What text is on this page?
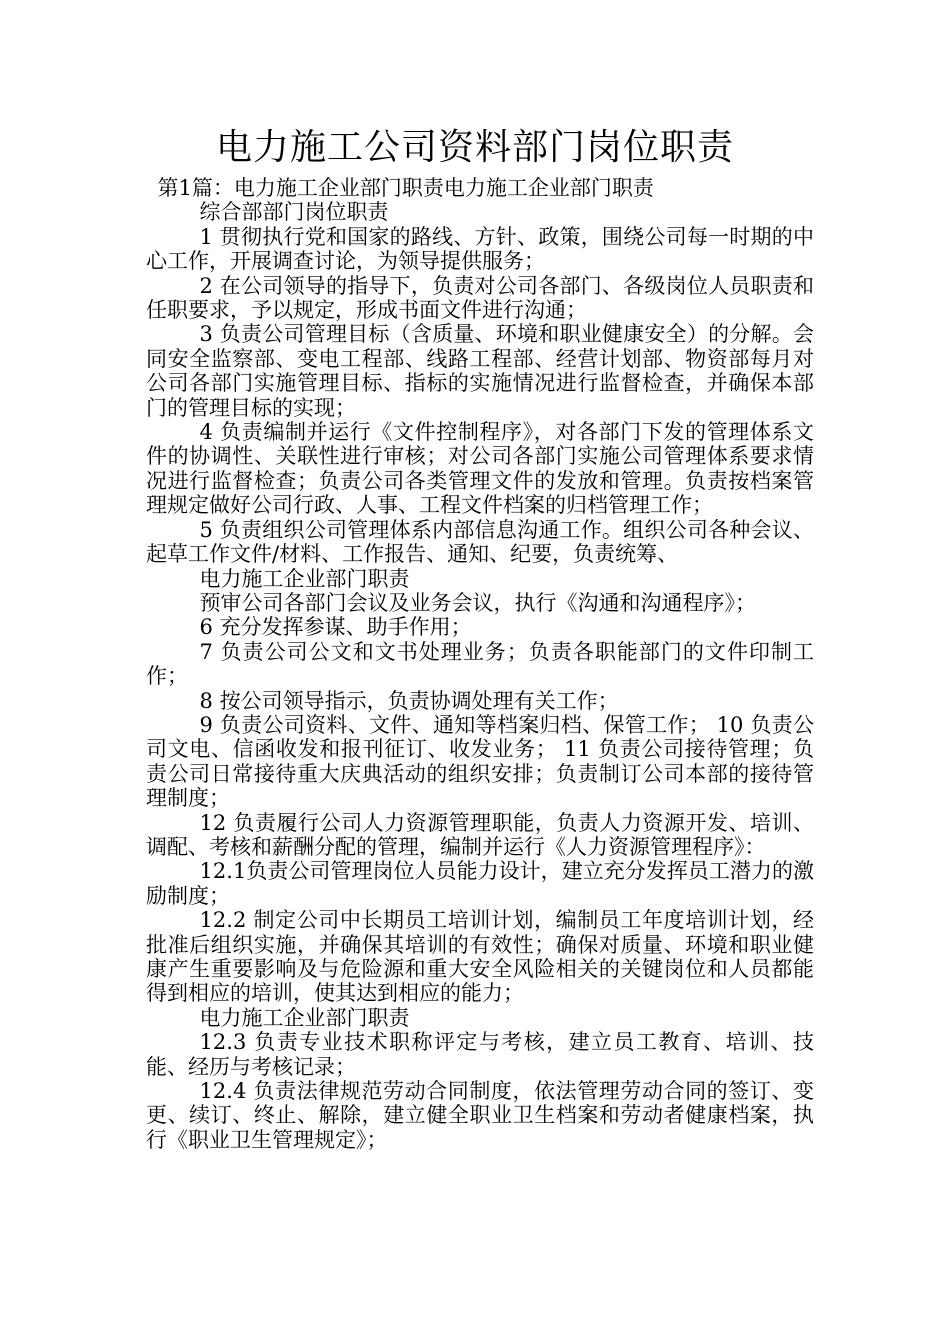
电力施工公司资料部门岗位职责

第1篇：电力施工企业部门职责电力施工企业部门职责

综合部部门岗位职责

1 贯彻执行党和国家的路线、方针、政策，围绕公司每一时期的中心工作，开展调查讨论，为领导提供服务；

2 在公司领导的指导下，负责对公司各部门、各级岗位人员职责和任职要求，予以规定，形成书面文件进行沟通；

3 负责公司管理目标（含质量、环境和职业健康安全）的分解。会同安全监察部、变电工程部、线路工程部、经营计划部、物资部每月对公司各部门实施管理目标、指标的实施情况进行监督检查，并确保本部门的管理目标的实现；

4 负责编制并运行《文件控制程序》，对各部门下发的管理体系文件的协调性、关联性进行审核；对公司各部门实施公司管理体系要求情况进行监督检查；负责公司各类管理文件的发放和管理。负责按档案管理规定做好公司行政、人事、工程文件档案的归档管理工作；

5 负责组织公司管理体系内部信息沟通工作。组织公司各种会议、起草工作文件/材料、工作报告、通知、纪要，负责统筹、

电力施工企业部门职责

预审公司各部门会议及业务会议，执行《沟通和沟通程序》；

6 充分发挥参谋、助手作用；

7 负责公司公文和文书处理业务；负责各职能部门的文件印制工作；

8 按公司领导指示，负责协调处理有关工作；

9 负责公司资料、文件、通知等档案归档、保管工作； 10 负责公司文电、信函收发和报刊征订、收发业务； 11 负责公司接待管理；负责公司日常接待重大庆典活动的组织安排；负责制订公司本部的接待管理制度；

12 负责履行公司人力资源管理职能，负责人力资源开发、培训、调配、考核和薪酬分配的管理，编制并运行《人力资源管理程序》：

12.1负责公司管理岗位人员能力设计，建立充分发挥员工潜力的激励制度；

12.2 制定公司中长期员工培训计划，编制员工年度培训计划，经批准后组织实施，并确保其培训的有效性；确保对质量、环境和职业健康产生重要影响及与危险源和重大安全风险相关的关键岗位和人员都能得到相应的培训，使其达到相应的能力；

电力施工企业部门职责

12.3 负责专业技术职称评定与考核，建立员工教育、培训、技能、经历与考核记录；

12.4 负责法律规范劳动合同制度，依法管理劳动合同的签订、变更、续订、终止、解除，建立健全职业卫生档案和劳动者健康档案，执行《职业卫生管理规定》；
